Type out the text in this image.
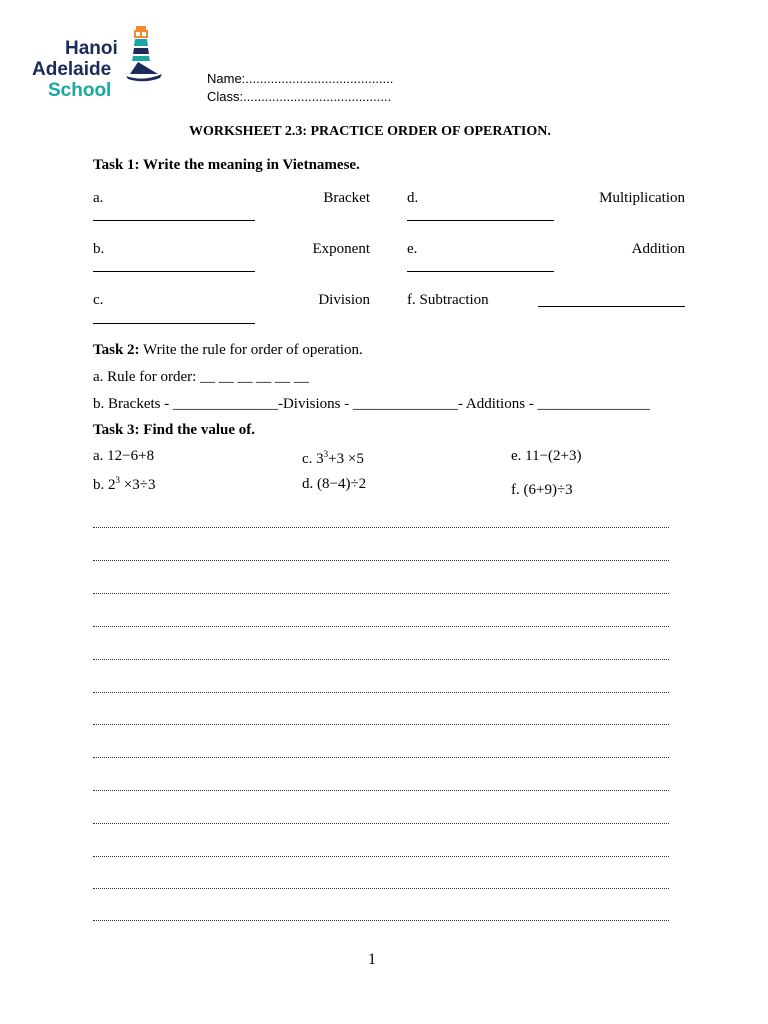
Hanoi
Adelaide
School
Name:.........................................
Class:.........................................
WORKSHEET 2.3: PRACTICE ORDER OF OPERATION.
Task 1: Write the meaning in Vietnamese.
a.	Bracket d.	Multiplication
b.	Exponent e.	Addition
c.	Division f. Subtraction
Task 2: Write the rule for order of operation.
a. Rule for order: __ __ __ __ __ __
b. Brackets - ______________-Divisions - ______________- Additions - _______________
Task 3: Find the value of.
a. 12−6+8	c. $3^3+3 \times 5$	e. 11−(2+3)
b. $2^3 \times 3\div 3$	d. (8−4)÷2	f. (6+9)÷3
1
